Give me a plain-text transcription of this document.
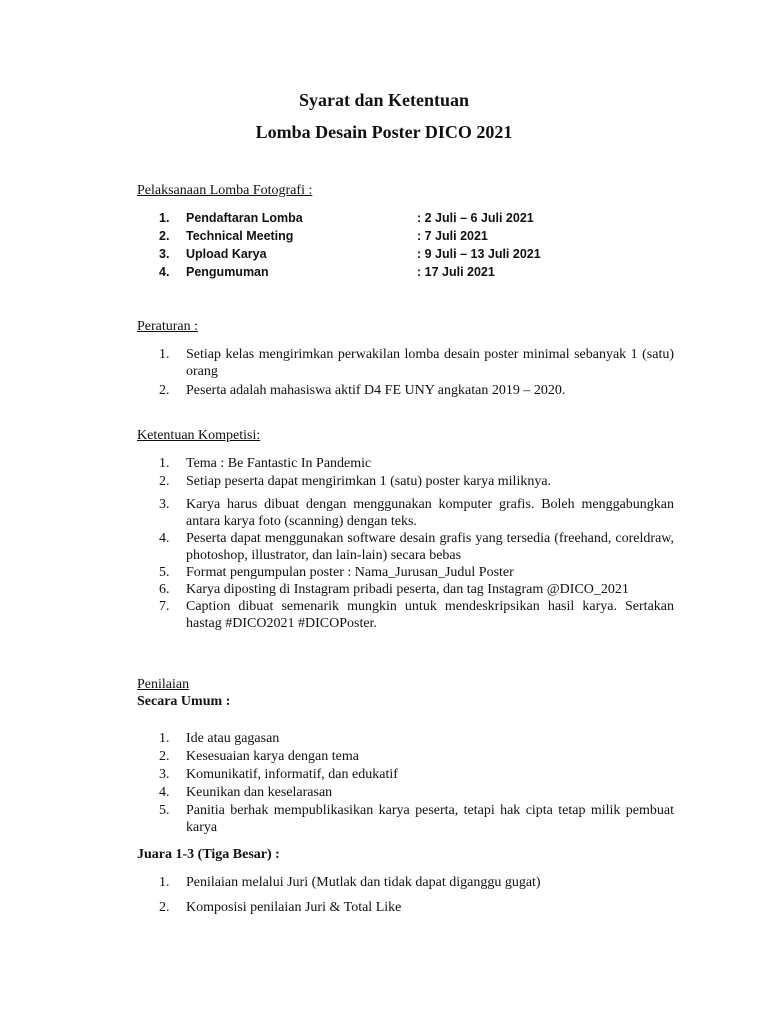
Syarat dan Ketentuan
Lomba Desain Poster DICO 2021

Pelaksanaan Lomba Fotografi :

1.	Pendaftaran Lomba	: 2 Juli – 6 Juli 2021
2.	Technical Meeting	: 7 Juli 2021
3.	Upload Karya	: 9 Juli – 13 Juli 2021
4.	Pengumuman	: 17 Juli 2021

Peraturan :

1.	Setiap kelas mengirimkan perwakilan lomba desain poster minimal sebanyak 1 (satu) orang
2.	Peserta adalah mahasiswa aktif D4 FE UNY angkatan 2019 – 2020.

Ketentuan Kompetisi:

1.	Tema : Be Fantastic In Pandemic
2.	Setiap peserta dapat mengirimkan 1 (satu) poster karya miliknya.
3.	Karya harus dibuat dengan menggunakan komputer grafis. Boleh menggabungkan antara karya foto (scanning) dengan teks.
4.	Peserta dapat menggunakan software desain grafis yang tersedia (freehand, coreldraw, photoshop, illustrator, dan lain-lain) secara bebas
5.	Format pengumpulan poster : Nama_Jurusan_Judul Poster
6.	Karya diposting di Instagram pribadi peserta, dan tag Instagram @DICO_2021
7.	Caption dibuat semenarik mungkin untuk mendeskripsikan hasil karya. Sertakan hastag #DICO2021 #DICOPoster.

Penilaian

Secara Umum :

1.	Ide atau gagasan
2.	Kesesuaian karya dengan tema
3.	Komunikatif, informatif, dan edukatif
4.	Keunikan dan keselarasan
5.	Panitia berhak mempublikasikan karya peserta, tetapi hak cipta tetap milik pembuat karya

Juara 1-3 (Tiga Besar) :

1.	Penilaian melalui Juri (Mutlak dan tidak dapat diganggu gugat)
2.	Komposisi penilaian Juri & Total Like
